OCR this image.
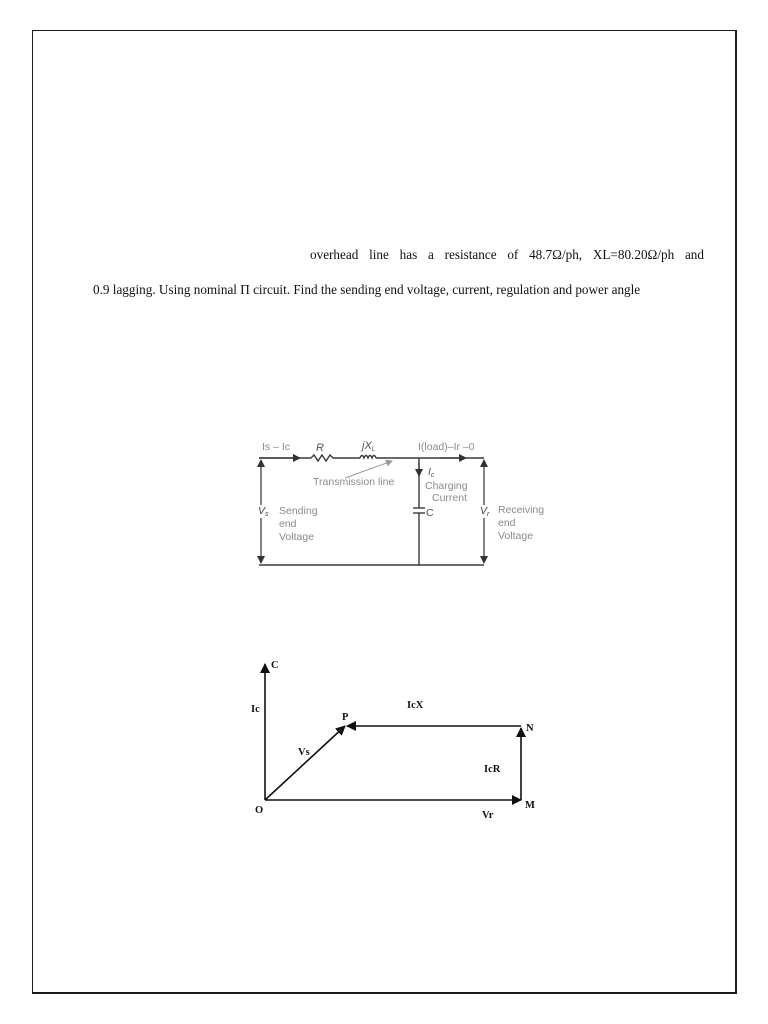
overhead line has a resistance of 48.7Ω/ph, XL=80.20Ω/ph and
0.9 lagging. Using nominal Π circuit. Find the sending end voltage, current, regulation and power angle
Is – Ic R	jXL	I(load)–Ir –0
Transmission line
Ic
Charging
Current
C
Vs Sending
end
Voltage
Vr Receiving
end
Voltage
C
Ic
P
IcX
N
Vs
IcR
O	Vr
M
